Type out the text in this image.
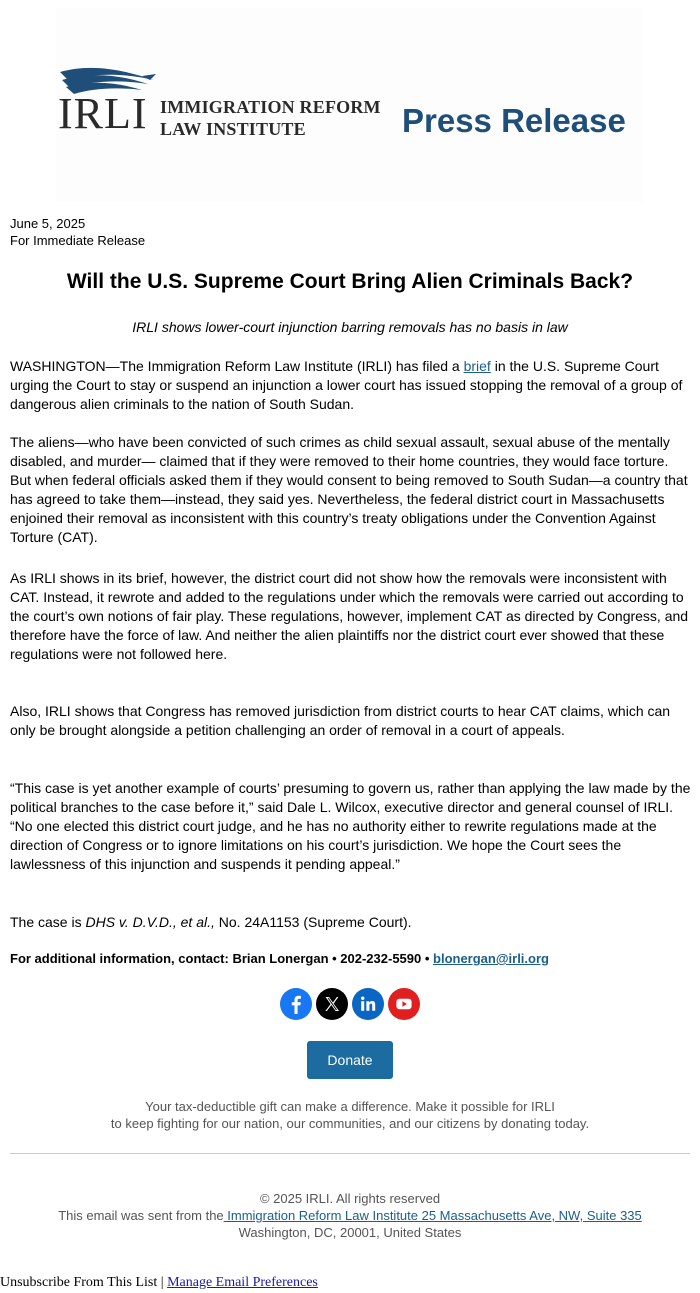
IRLI IMMIGRATION REFORM
LAW INSTITUTE	Press Release
June 5, 2025
For Immediate Release
Will the U.S. Supreme Court Bring Alien Criminals Back?
IRLI shows lower-court injunction barring removals has no basis in law

WASHINGTON—The Immigration Reform Law Institute (IRLI) has filed a brief in the U.S. Supreme Court urging the Court to stay or suspend an injunction a lower court has issued stopping the removal of a group of dangerous alien criminals to the nation of South Sudan.

The aliens—who have been convicted of such crimes as child sexual assault, sexual abuse of the mentally disabled, and murder— claimed that if they were removed to their home countries, they would face torture. But when federal officials asked them if they would consent to being removed to South Sudan—a country that has agreed to take them—instead, they said yes. Nevertheless, the federal district court in Massachusetts enjoined their removal as inconsistent with this country’s treaty obligations under the Convention Against Torture (CAT).

As IRLI shows in its brief, however, the district court did not show how the removals were inconsistent with CAT. Instead, it rewrote and added to the regulations under which the removals were carried out according to the court’s own notions of fair play. These regulations, however, implement CAT as directed by Congress, and therefore have the force of law. And neither the alien plaintiffs nor the district court ever showed that these regulations were not followed here.

Also, IRLI shows that Congress has removed jurisdiction from district courts to hear CAT claims, which can only be brought alongside a petition challenging an order of removal in a court of appeals.

“This case is yet another example of courts’ presuming to govern us, rather than applying the law made by the political branches to the case before it,” said Dale L. Wilcox, executive director and general counsel of IRLI. “No one elected this district court judge, and he has no authority either to rewrite regulations made at the direction of Congress or to ignore limitations on his court’s jurisdiction. We hope the Court sees the lawlessness of this injunction and suspends it pending appeal.”

The case is DHS v. D.V.D., et al., No. 24A1153 (Supreme Court).

For additional information, contact: Brian Lonergan • 202-232-5590 • blonergan@irli.org
Donate
Your tax-deductible gift can make a difference. Make it possible for IRLI
to keep fighting for our nation, our communities, and our citizens by donating today.
© 2025 IRLI. All rights reserved
This email was sent from the Immigration Reform Law Institute 25 Massachusetts Ave, NW, Suite 335 Washington, DC, 20001, United States
Unsubscribe From This List | Manage Email Preferences
